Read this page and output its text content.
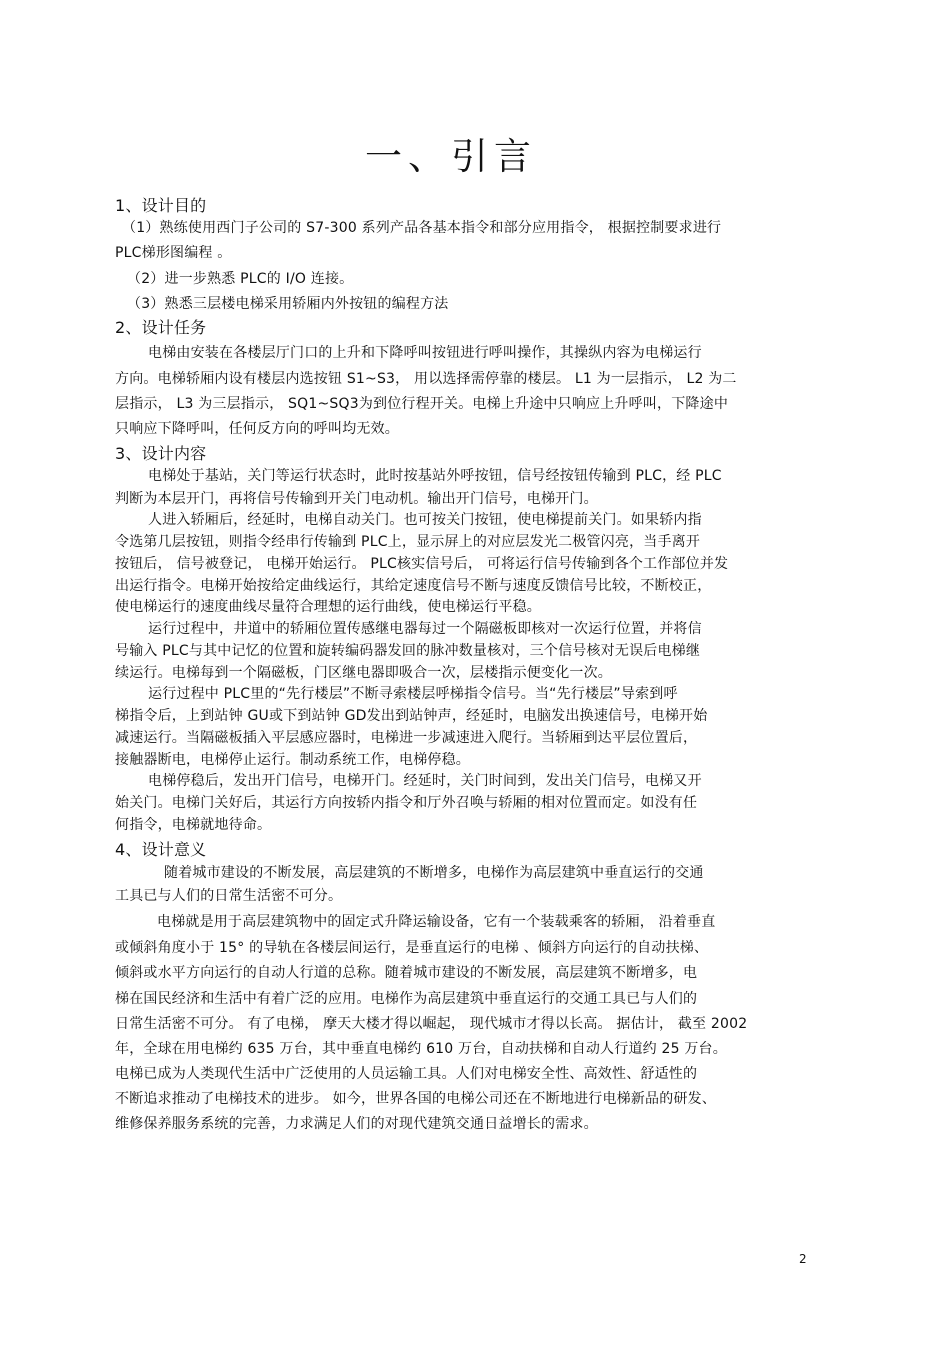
一、引言
1、设计目的
（1）熟练使用西门子公司的 S7-300 系列产品各基本指令和部分应用指令， 根据控制要求进行
PLC梯形图编程 。
（2）进一步熟悉 PLC的 I/O 连接。
（3）熟悉三层楼电梯采用轿厢内外按钮的编程方法
2、设计任务
电梯由安装在各楼层厅门口的上升和下降呼叫按钮进行呼叫操作，其操纵内容为电梯运行
方向。电梯轿厢内设有楼层内选按钮 S1~S3， 用以选择需停靠的楼层。 L1 为一层指示， L2 为二
层指示， L3 为三层指示， SQ1~SQ3为到位行程开关。电梯上升途中只响应上升呼叫，下降途中
只响应下降呼叫，任何反方向的呼叫均无效。
3、设计内容
电梯处于基站，关门等运行状态时，此时按基站外呼按钮，信号经按钮传输到 PLC，经 PLC
判断为本层开门，再将信号传输到开关门电动机。输出开门信号，电梯开门。
人进入轿厢后，经延时，电梯自动关门。也可按关门按钮，使电梯提前关门。如果轿内指
令选第几层按钮，则指令经串行传输到 PLC上，显示屏上的对应层发光二极管闪亮，当手离开
按钮后， 信号被登记， 电梯开始运行。 PLC核实信号后， 可将运行信号传输到各个工作部位并发
出运行指令。电梯开始按给定曲线运行，其给定速度信号不断与速度反馈信号比较，不断校正，
使电梯运行的速度曲线尽量符合理想的运行曲线，使电梯运行平稳。
运行过程中，井道中的轿厢位置传感继电器每过一个隔磁板即核对一次运行位置，并将信
号输入 PLC与其中记忆的位置和旋转编码器发回的脉冲数量核对，三个信号核对无误后电梯继
续运行。电梯每到一个隔磁板，门区继电器即吸合一次，层楼指示便变化一次。
运行过程中 PLC里的“先行楼层”不断寻索楼层呼梯指令信号。当“先行楼层”导索到呼
梯指令后，上到站钟 GU或下到站钟 GD发出到站钟声，经延时，电脑发出换速信号，电梯开始
减速运行。当隔磁板插入平层感应器时，电梯进一步减速进入爬行。当轿厢到达平层位置后，
接触器断电，电梯停止运行。制动系统工作，电梯停稳。
电梯停稳后，发出开门信号，电梯开门。经延时，关门时间到，发出关门信号，电梯又开
始关门。电梯门关好后，其运行方向按轿内指令和厅外召唤与轿厢的相对位置而定。如没有任
何指令，电梯就地待命。
4、设计意义
随着城市建设的不断发展，高层建筑的不断增多，电梯作为高层建筑中垂直运行的交通
工具已与人们的日常生活密不可分。
电梯就是用于高层建筑物中的固定式升降运输设备，它有一个装载乘客的轿厢， 沿着垂直
或倾斜角度小于 15° 的导轨在各楼层间运行，是垂直运行的电梯 、倾斜方向运行的自动扶梯、
倾斜或水平方向运行的自动人行道的总称。随着城市建设的不断发展，高层建筑不断增多，电
梯在国民经济和生活中有着广泛的应用。电梯作为高层建筑中垂直运行的交通工具已与人们的
日常生活密不可分。 有了电梯， 摩天大楼才得以崛起， 现代城市才得以长高。 据估计， 截至 2002
年，全球在用电梯约 635 万台，其中垂直电梯约 610 万台，自动扶梯和自动人行道约 25 万台。
电梯已成为人类现代生活中广泛使用的人员运输工具。人们对电梯安全性、高效性、舒适性的
不断追求推动了电梯技术的进步。 如今，世界各国的电梯公司还在不断地进行电梯新品的研发、
维修保养服务系统的完善，力求满足人们的对现代建筑交通日益增长的需求。
2
